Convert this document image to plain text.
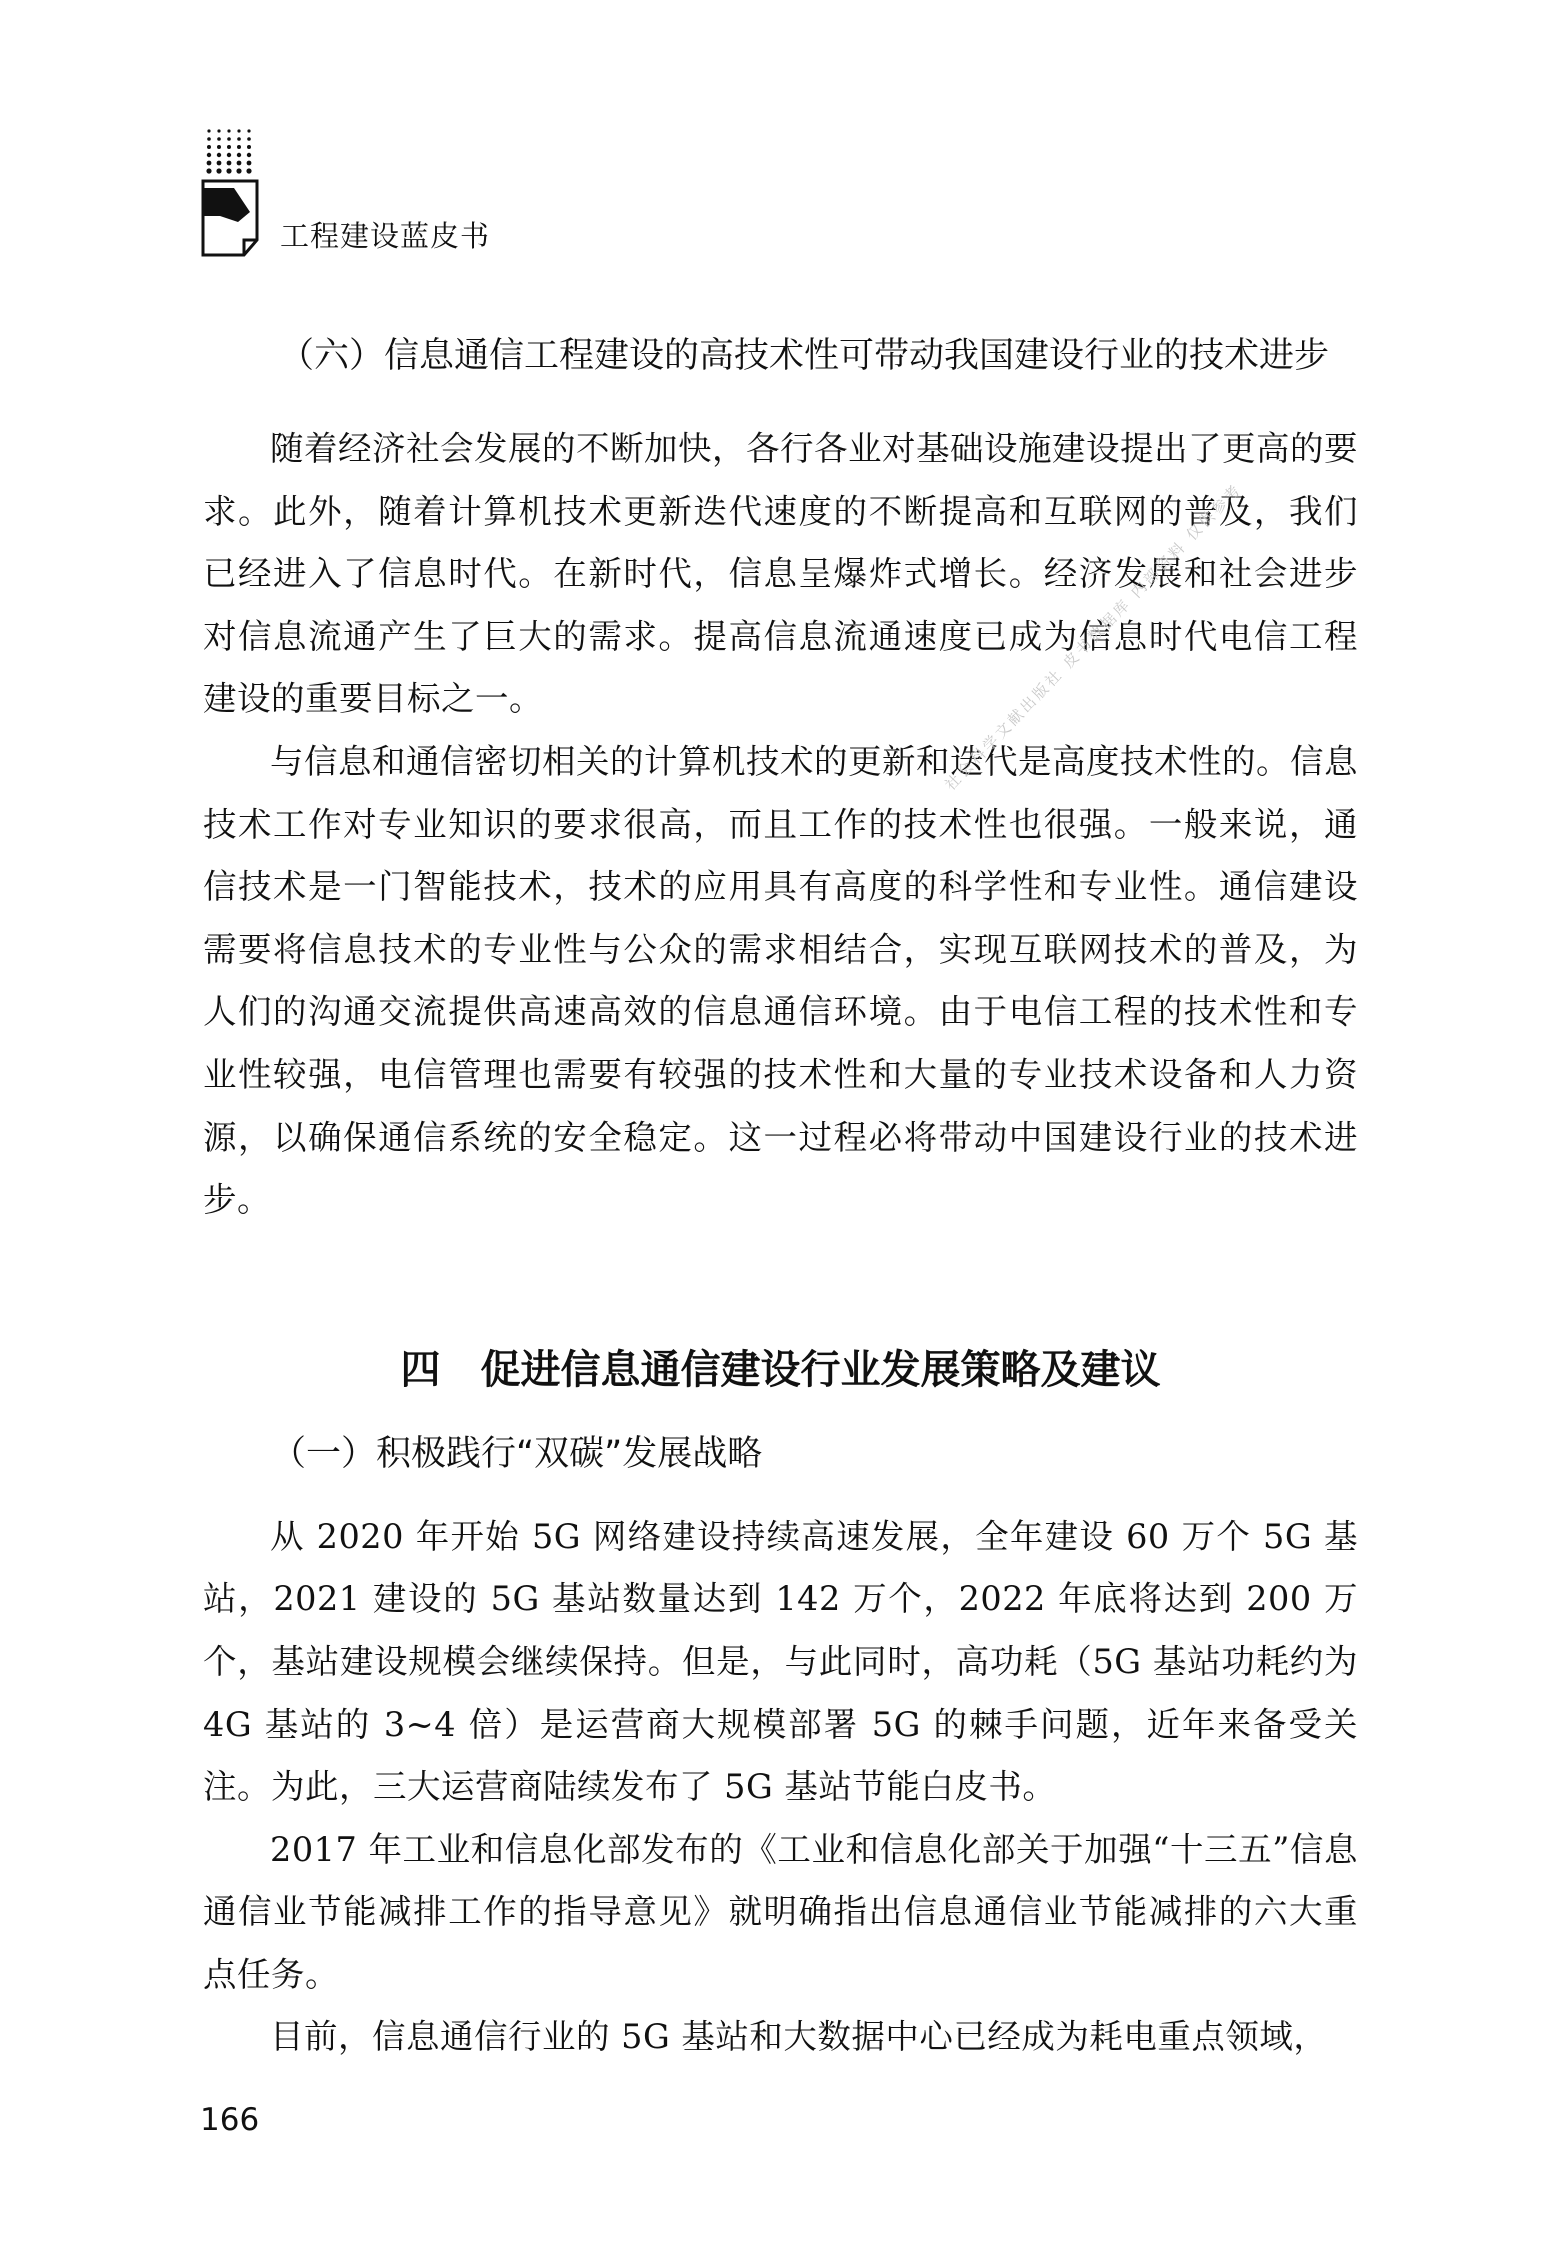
工程建设蓝皮书
（六）信息通信工程建设的高技术性可带动我国建设行业的技术进步

随着经济社会发展的不断加快，各行各业对基础设施建设提出了更高的要求。此外，随着计算机技术更新迭代速度的不断提高和互联网的普及，我们已经进入了信息时代。在新时代，信息呈爆炸式增长。经济发展和社会进步对信息流通产生了巨大的需求。提高信息流通速度已成为信息时代电信工程建设的重要目标之一。

与信息和通信密切相关的计算机技术的更新和迭代是高度技术性的。信息技术工作对专业知识的要求很高，而且工作的技术性也很强。一般来说，通信技术是一门智能技术，技术的应用具有高度的科学性和专业性。通信建设需要将信息技术的专业性与公众的需求相结合，实现互联网技术的普及，为人们的沟通交流提供高速高效的信息通信环境。由于电信工程的技术性和专业性较强，电信管理也需要有较强的技术性和大量的专业技术设备和人力资源，以确保通信系统的安全稳定。这一过程必将带动中国建设行业的技术进步。

四 促进信息通信建设行业发展策略及建议
（一）积极践行“双碳”发展战略

从 2020 年开始 5G 网络建设持续高速发展，全年建设 60 万个 5G 基站，2021 建设的 5G 基站数量达到 142 万个，2022 年底将达到 200 万个，基站建设规模会继续保持。但是，与此同时，高功耗（5G 基站功耗约为 4G 基站的 3~4 倍）是运营商大规模部署 5G 的棘手问题，近年来备受关注。为此，三大运营商陆续发布了 5G 基站节能白皮书。

2017 年工业和信息化部发布的《工业和信息化部关于加强“十三五”信息通信业节能减排工作的指导意见》就明确指出信息通信业节能减排的六大重点任务。

目前，信息通信行业的 5G 基站和大数据中心已经成为耗电重点领域，

社会科学文献出版社 皮书数据库 内部资料 仅供参考
166
